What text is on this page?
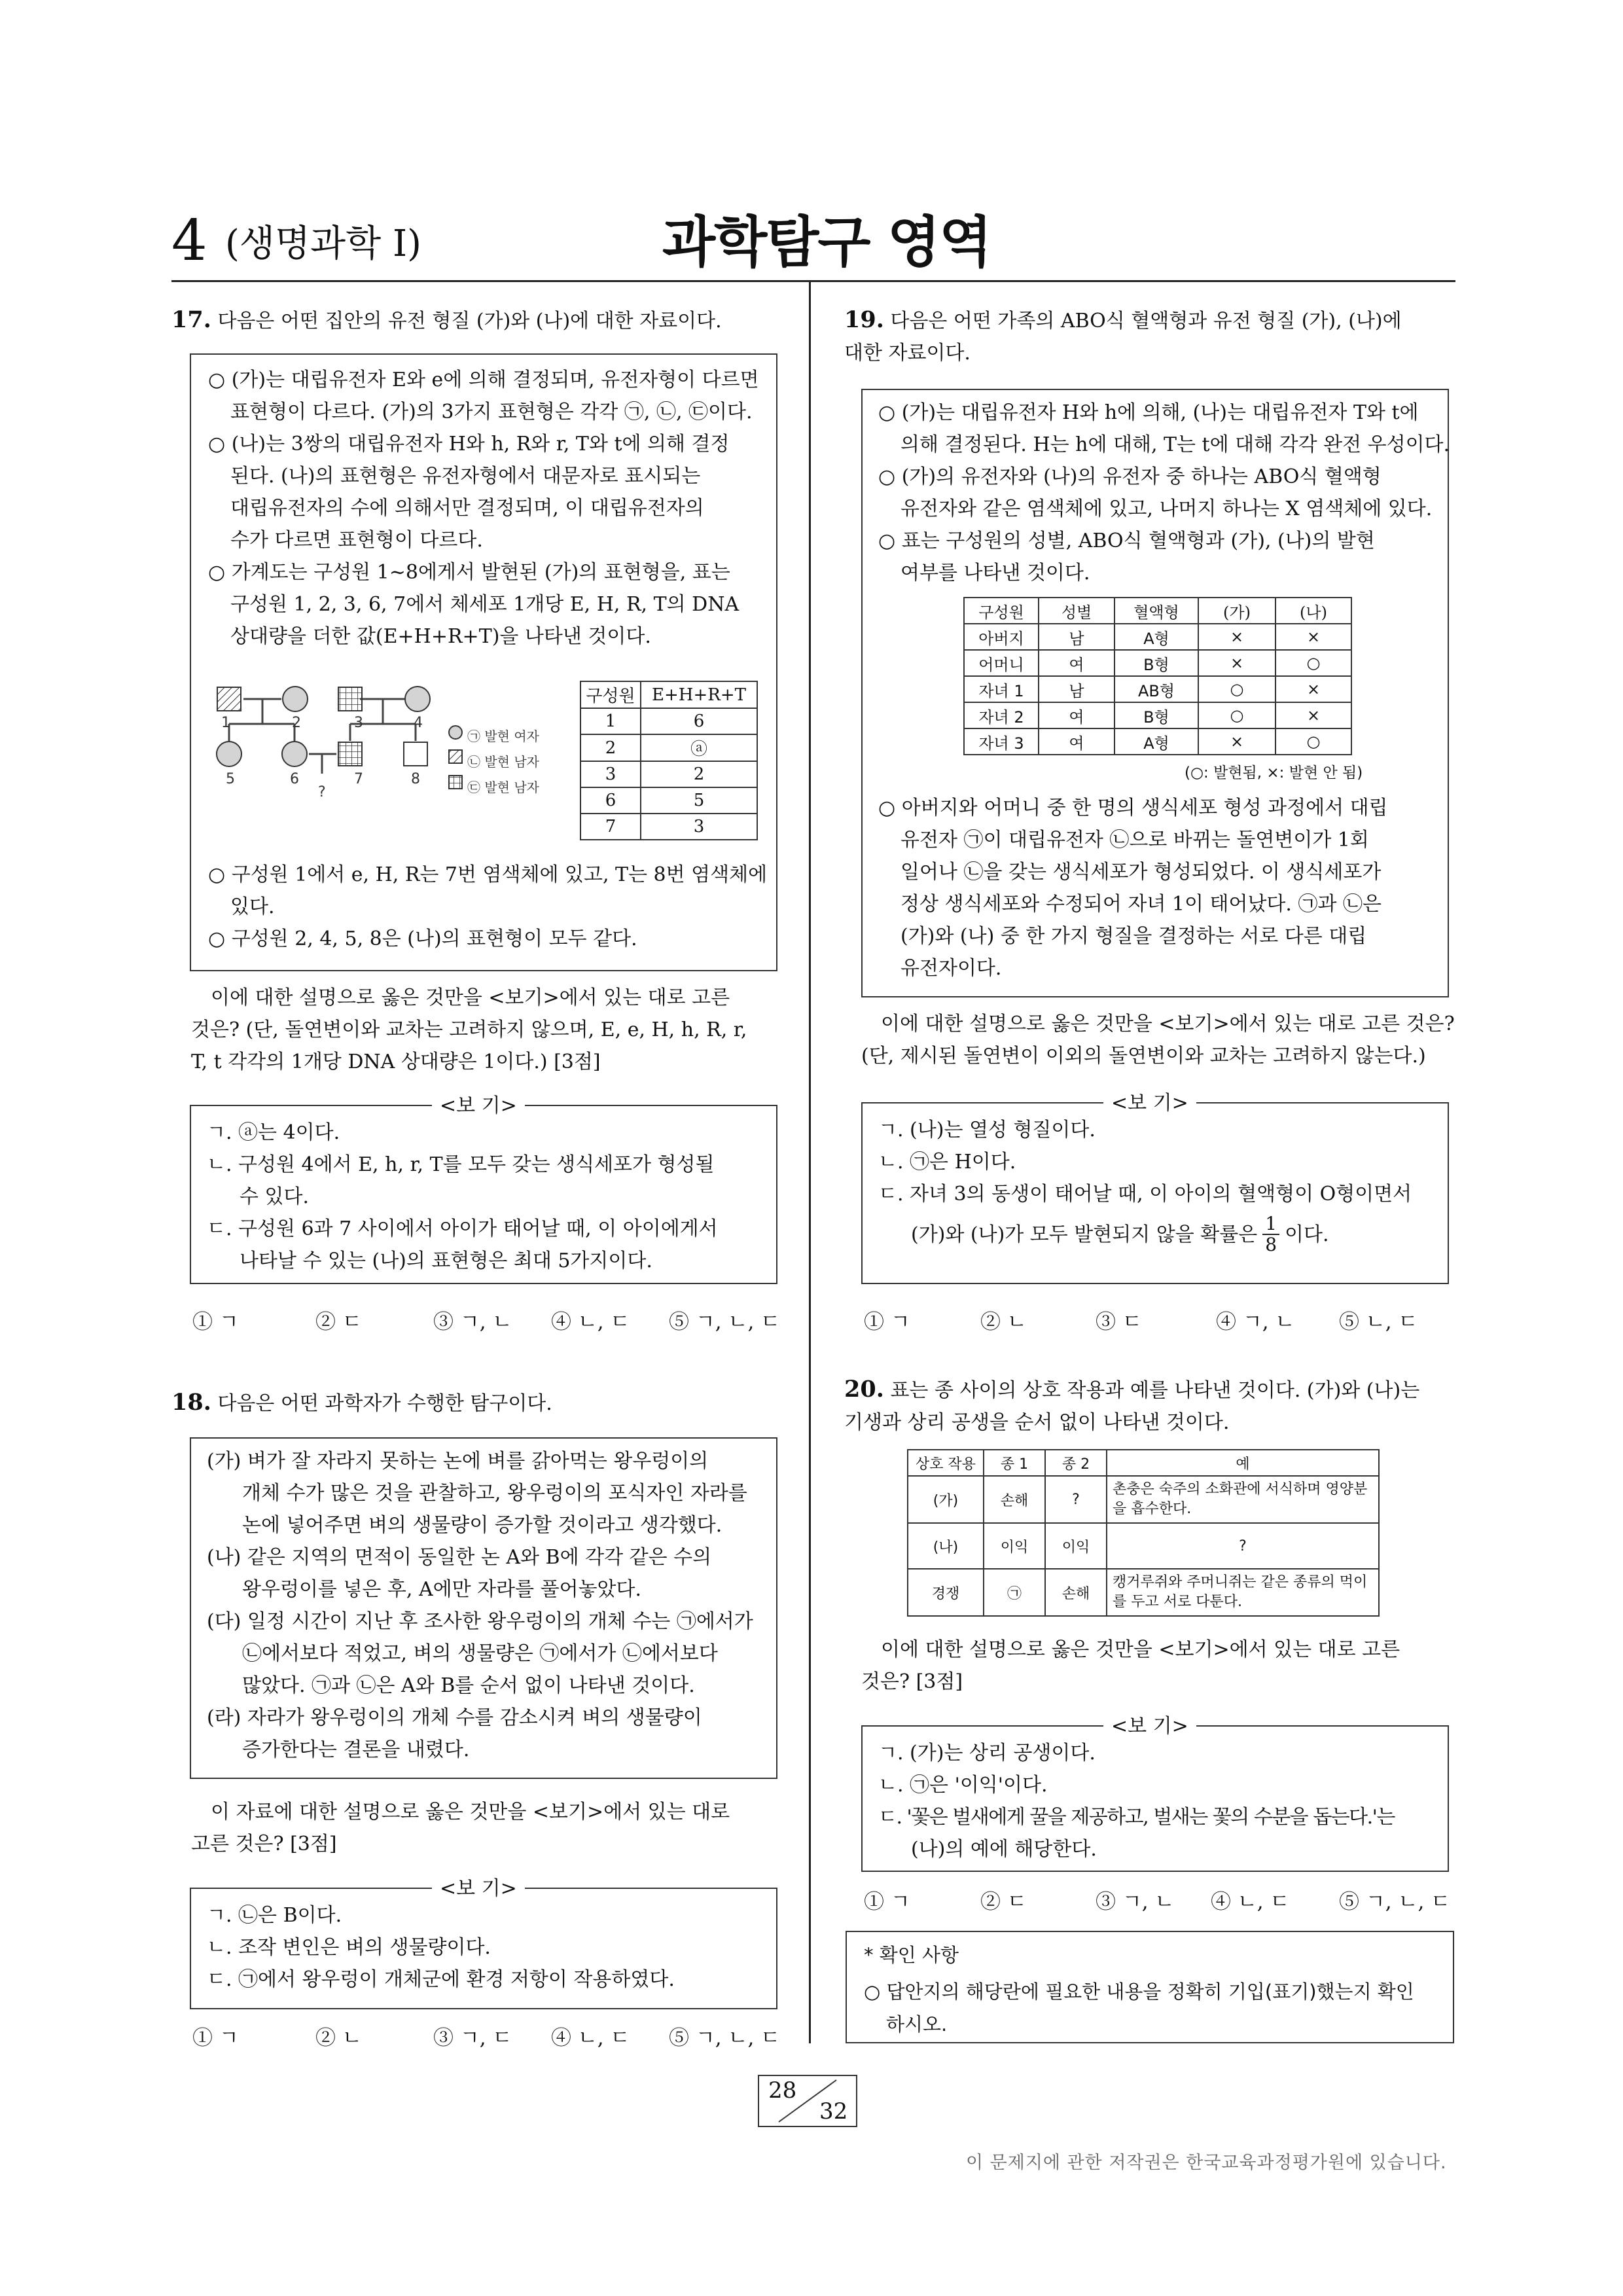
4 (생명과학 I)	과학탐구 영역
17. 다음은 어떤 집안의 유전 형질 (가)와 (나)에 대한 자료이다.
○ (가)는 대립유전자 E와 e에 의해 결정되며, 유전자형이 다르면
표현형이 다르다. (가)의 3가지 표현형은 각각 ㉠, ㉡, ㉢이다.
○ (나)는 3쌍의 대립유전자 H와 h, R와 r, T와 t에 의해 결정
된다. (나)의 표현형은 유전자형에서 대문자로 표시되는
대립유전자의 수에 의해서만 결정되며, 이 대립유전자의
수가 다르면 표현형이 다르다.
○ 가계도는 구성원 1~8에게서 발현된 (가)의 표현형을, 표는
구성원 1, 2, 3, 6, 7에서 체세포 1개당 E, H, R, T의 DNA
상대량을 더한 값(E+H+R+T)을 나타낸 것이다.
1	2	3	4
5	6	7	8
?
㉠ 발현 여자
㉡ 발현 남자
㉢ 발현 남자
구성원	E+H+R+T
1	6
2	ⓐ
3	2
6	5
7	3
○ 구성원 1에서 e, H, R는 7번 염색체에 있고, T는 8번 염색체에
있다.
○ 구성원 2, 4, 5, 8은 (나)의 표현형이 모두 같다.
이에 대한 설명으로 옳은 것만을 <보기>에서 있는 대로 고른
것은? (단, 돌연변이와 교차는 고려하지 않으며, E, e, H, h, R, r,
T, t 각각의 1개당 DNA 상대량은 1이다.) [3점]
<보 기>
ㄱ. ⓐ는 4이다.
ㄴ. 구성원 4에서 E, h, r, T를 모두 갖는 생식세포가 형성될
수 있다.
ㄷ. 구성원 6과 7 사이에서 아이가 태어날 때, 이 아이에게서
나타날 수 있는 (나)의 표현형은 최대 5가지이다.
① ㄱ	② ㄷ	③ ㄱ, ㄴ ④ ㄴ, ㄷ ⑤ ㄱ, ㄴ, ㄷ
18. 다음은 어떤 과학자가 수행한 탐구이다.
(가) 벼가 잘 자라지 못하는 논에 벼를 갉아먹는 왕우렁이의
개체 수가 많은 것을 관찰하고, 왕우렁이의 포식자인 자라를
논에 넣어주면 벼의 생물량이 증가할 것이라고 생각했다.
(나) 같은 지역의 면적이 동일한 논 A와 B에 각각 같은 수의
왕우렁이를 넣은 후, A에만 자라를 풀어놓았다.
(다) 일정 시간이 지난 후 조사한 왕우렁이의 개체 수는 ㉠에서가
㉡에서보다 적었고, 벼의 생물량은 ㉠에서가 ㉡에서보다
많았다. ㉠과 ㉡은 A와 B를 순서 없이 나타낸 것이다.
(라) 자라가 왕우렁이의 개체 수를 감소시켜 벼의 생물량이
증가한다는 결론을 내렸다.
이 자료에 대한 설명으로 옳은 것만을 <보기>에서 있는 대로
고른 것은? [3점]
<보 기>
ㄱ. ㉡은 B이다.
ㄴ. 조작 변인은 벼의 생물량이다.
ㄷ. ㉠에서 왕우렁이 개체군에 환경 저항이 작용하였다.
① ㄱ	② ㄴ	③ ㄱ, ㄷ ④ ㄴ, ㄷ ⑤ ㄱ, ㄴ, ㄷ
19. 다음은 어떤 가족의 ABO식 혈액형과 유전 형질 (가), (나)에
대한 자료이다.
○ (가)는 대립유전자 H와 h에 의해, (나)는 대립유전자 T와 t에
의해 결정된다. H는 h에 대해, T는 t에 대해 각각 완전 우성이다.
○ (가)의 유전자와 (나)의 유전자 중 하나는 ABO식 혈액형
유전자와 같은 염색체에 있고, 나머지 하나는 X 염색체에 있다.
○ 표는 구성원의 성별, ABO식 혈액형과 (가), (나)의 발현
여부를 나타낸 것이다.
구성원	성별	혈액형	(가)	(나)
아버지	남	A형	×	×
어머니	여	B형	×	○
자녀 1	남	AB형	○	×
자녀 2	여	B형	○	×
자녀 3	여	A형	×	○
(○: 발현됨, ×: 발현 안 됨)
○ 아버지와 어머니 중 한 명의 생식세포 형성 과정에서 대립
유전자 ㉠이 대립유전자 ㉡으로 바뀌는 돌연변이가 1회
일어나 ㉡을 갖는 생식세포가 형성되었다. 이 생식세포가
정상 생식세포와 수정되어 자녀 1이 태어났다. ㉠과 ㉡은
(가)와 (나) 중 한 가지 형질을 결정하는 서로 다른 대립
유전자이다.
이에 대한 설명으로 옳은 것만을 <보기>에서 있는 대로 고른 것은?
(단, 제시된 돌연변이 이외의 돌연변이와 교차는 고려하지 않는다.)
<보 기>
ㄱ. (나)는 열성 형질이다.
ㄴ. ㉠은 H이다.
ㄷ. 자녀 3의 동생이 태어날 때, 이 아이의 혈액형이 O형이면서
(가)와 (나)가 모두 발현되지 않을 확률은 $\frac{1}{8}$ 이다.
① ㄱ	② ㄴ	③ ㄷ	④ ㄱ, ㄴ ⑤ ㄴ, ㄷ
20. 표는 종 사이의 상호 작용과 예를 나타낸 것이다. (가)와 (나)는
기생과 상리 공생을 순서 없이 나타낸 것이다.
상호 작용	종 1	종 2	예
(가)	손해	?	촌충은 숙주의 소화관에 서식하며 영양분을 흡수한다.
(나)	이익	이익	?
경쟁	㉠	손해	캥거루쥐와 주머니쥐는 같은 종류의 먹이를 두고 서로 다툰다.
이에 대한 설명으로 옳은 것만을 <보기>에서 있는 대로 고른
것은? [3점]
<보 기>
ㄱ. (가)는 상리 공생이다.
ㄴ. ㉠은 '이익'이다.
ㄷ. '꽃은 벌새에게 꿀을 제공하고, 벌새는 꽃의 수분을 돕는다.'는
(나)의 예에 해당한다.
① ㄱ	② ㄷ	③ ㄱ, ㄴ ④ ㄴ, ㄷ ⑤ ㄱ, ㄴ, ㄷ
* 확인 사항
○ 답안지의 해당란에 필요한 내용을 정확히 기입(표기)했는지 확인
하시오.
28
32
이 문제지에 관한 저작권은 한국교육과정평가원에 있습니다.
